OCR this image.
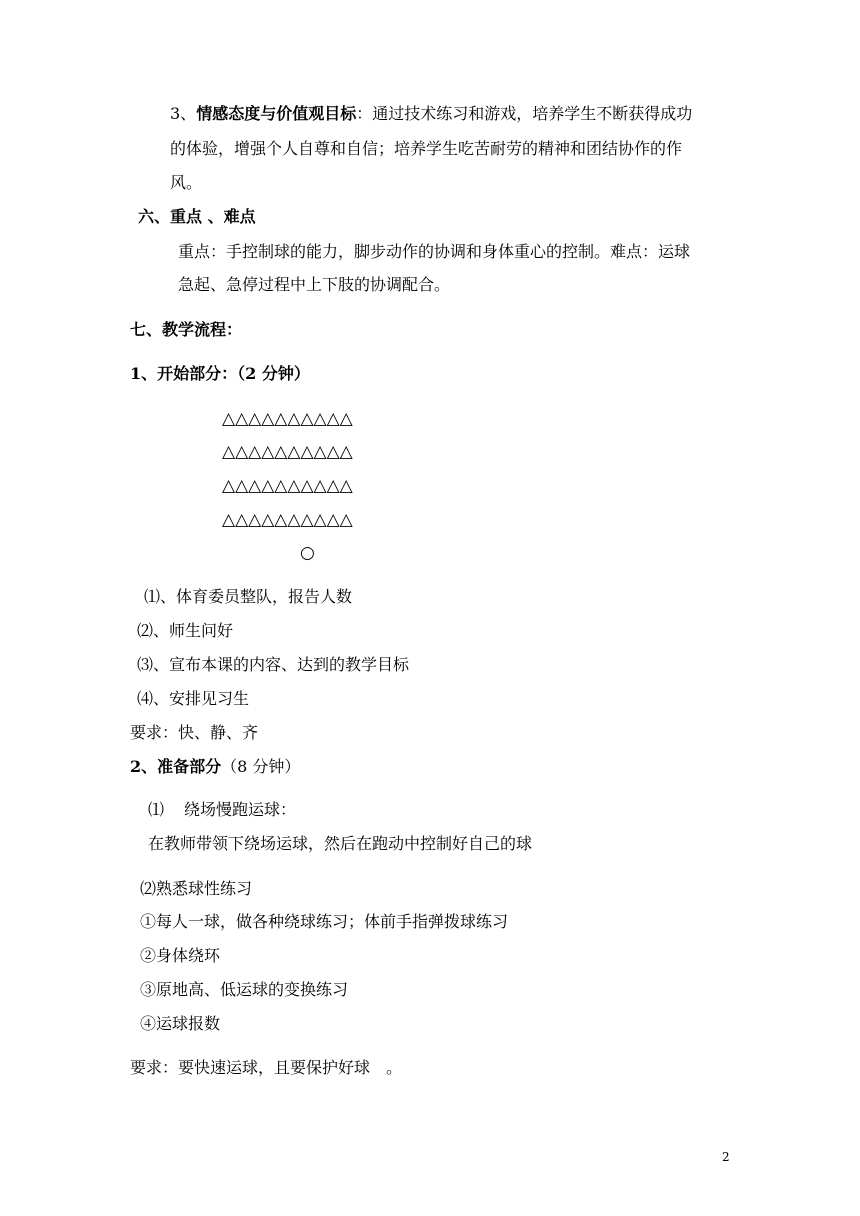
3、情感态度与价值观目标：通过技术练习和游戏，培养学生不断获得成功
的体验，增强个人自尊和自信；培养学生吃苦耐劳的精神和团结协作的作
风。
六、重点 、难点
重点：手控制球的能力，脚步动作的协调和身体重心的控制。难点：运球
急起、急停过程中上下肢的协调配合。
七、教学流程：
1、开始部分：（2 分钟）
△△△△△△△△△△
△△△△△△△△△△
△△△△△△△△△△
△△△△△△△△△△
○
⑴、体育委员整队，报告人数
⑵、师生问好
⑶、宣布本课的内容、达到的教学目标
⑷、安排见习生
要求：快、静、齐
2、准备部分（8 分钟）
⑴ 绕场慢跑运球：
在教师带领下绕场运球，然后在跑动中控制好自己的球
⑵熟悉球性练习
①每人一球，做各种绕球练习；体前手指弹拨球练习
②身体绕环
③原地高、低运球的变换练习
④运球报数
要求：要快速运球，且要保护好球　。
2
